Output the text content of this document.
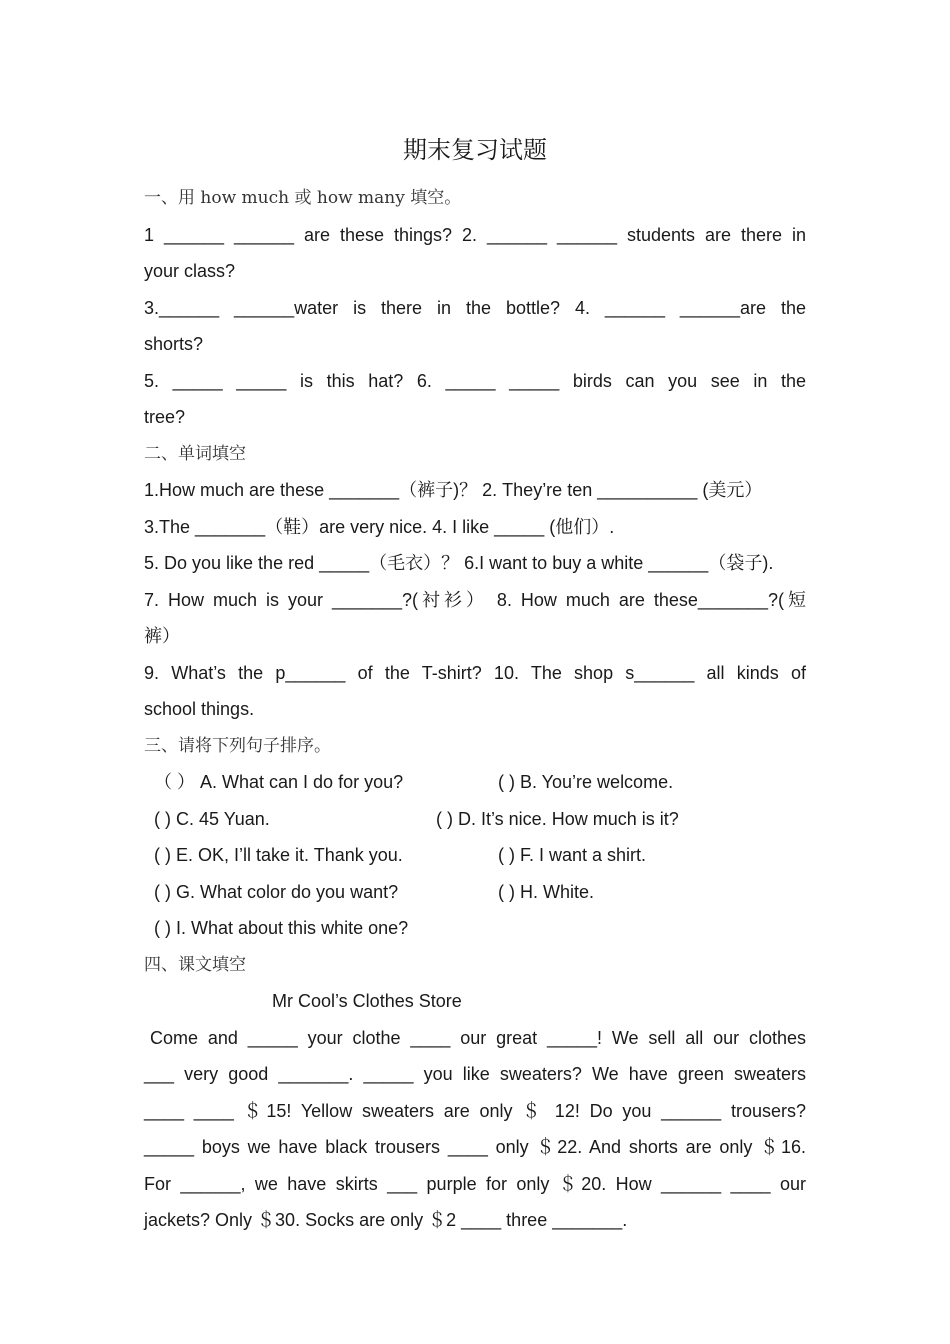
期末复习试题
一、用 how much 或 how many 填空。
1 ______ ______ are these things? 2. ______ ______ students are there in
your class?
3.______ ______water is there in the bottle? 4. ______ ______are the
shorts?
5. _____ _____ is this hat? 6. _____ _____ birds can you see in the
tree?
二、单词填空
1.How much are these _______（裤子)？ 2. They’re ten __________ (美元）
3.The _______（鞋）are very nice. 4. I like _____ (他们）.
5. Do you like the red _____（毛衣）？ 6.I want to buy a white ______（袋子).
7. How much is your _______?(衬衫） 8. How much are these_______?(短
裤）
9. What’s the p______ of the T-shirt? 10. The shop s______ all kinds of
school things.
三、请将下列句子排序。
（ ） A. What can I do for you?	( ) B. You’re welcome.
( ) C. 45 Yuan.	( ) D. It’s nice. How much is it?
( ) E. OK, I’ll take it. Thank you.	( ) F. I want a shirt.
( ) G. What color do you want?	( ) H. White.
( ) I. What about this white one?
四、课文填空
Mr Cool’s Clothes Store
Come and _____ your clothe ____ our great _____! We sell all our clothes
___ very good _______. _____ you like sweaters? We have green sweaters
____ ____ ＄15! Yellow sweaters are only ＄ 12! Do you ______ trousers?
_____ boys we have black trousers ____ only ＄22. And shorts are only ＄16.
For ______, we have skirts ___ purple for only ＄20. How ______ ____ our
jackets? Only ＄30. Socks are only ＄2 ____ three _______.
